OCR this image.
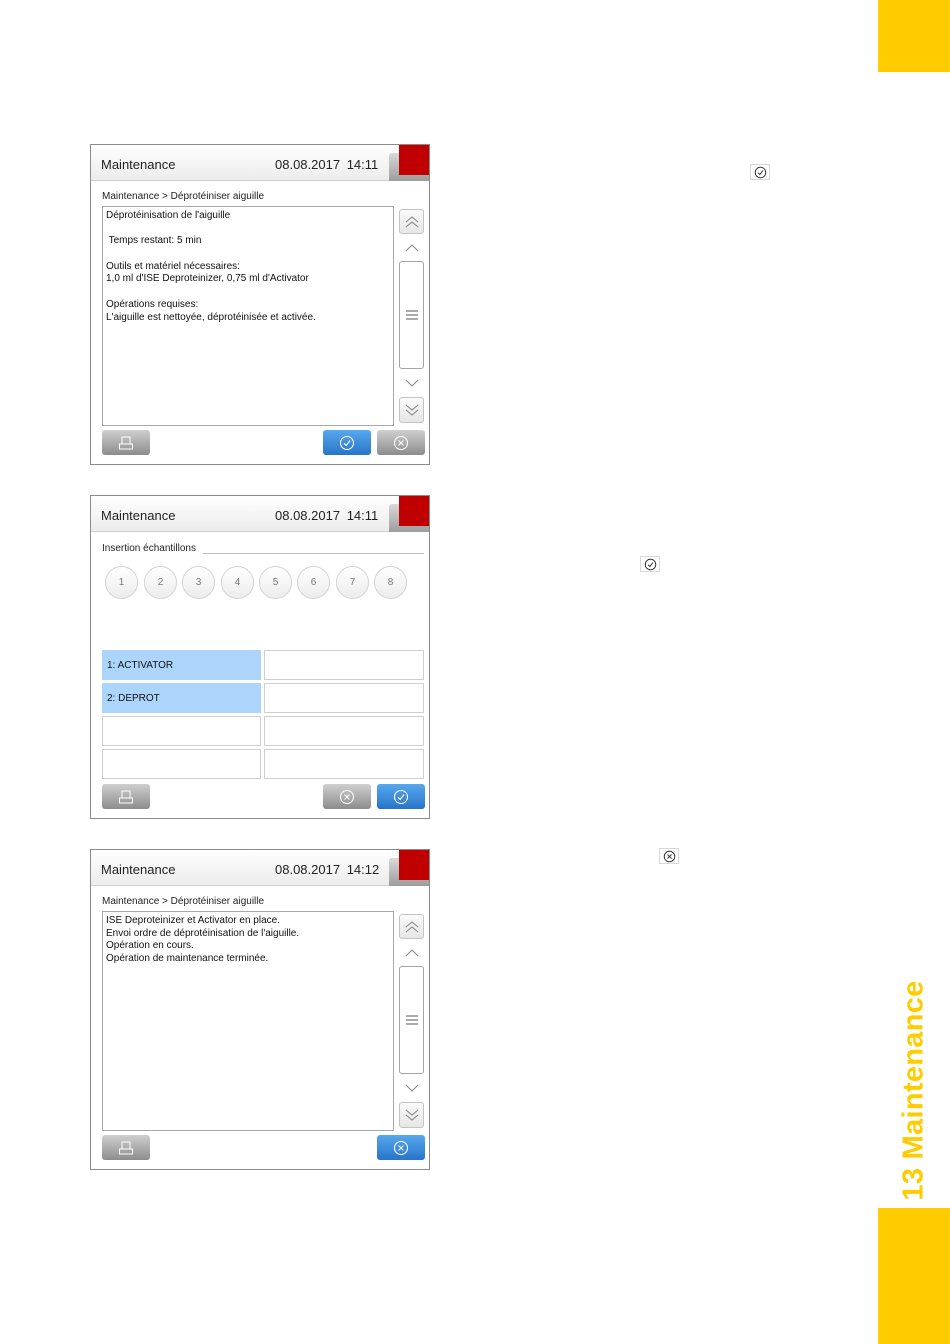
13 Maintenance
Maintenance	08.08.2017 14:11
Maintenance > Déprotéiniser aiguille
Déprotéinisation de l'aiguille
Temps restant: 5 min
Outils et matériel nécessaires:
1,0 ml d'ISE Deproteinizer, 0,75 ml d'Activator
Opérations requises:
L'aiguille est nettoyée, déprotéinisée et activée.
Maintenance	08.08.2017 14:11
Insertion échantillons
1	2	3	4	5	6	7	8
1: ACTIVATOR
2: DEPROT
Maintenance	08.08.2017 14:12
Maintenance > Déprotéiniser aiguille
ISE Deproteinizer et Activator en place.
Envoi ordre de déprotéinisation de l'aiguille.
Opération en cours.
Opération de maintenance terminée.
